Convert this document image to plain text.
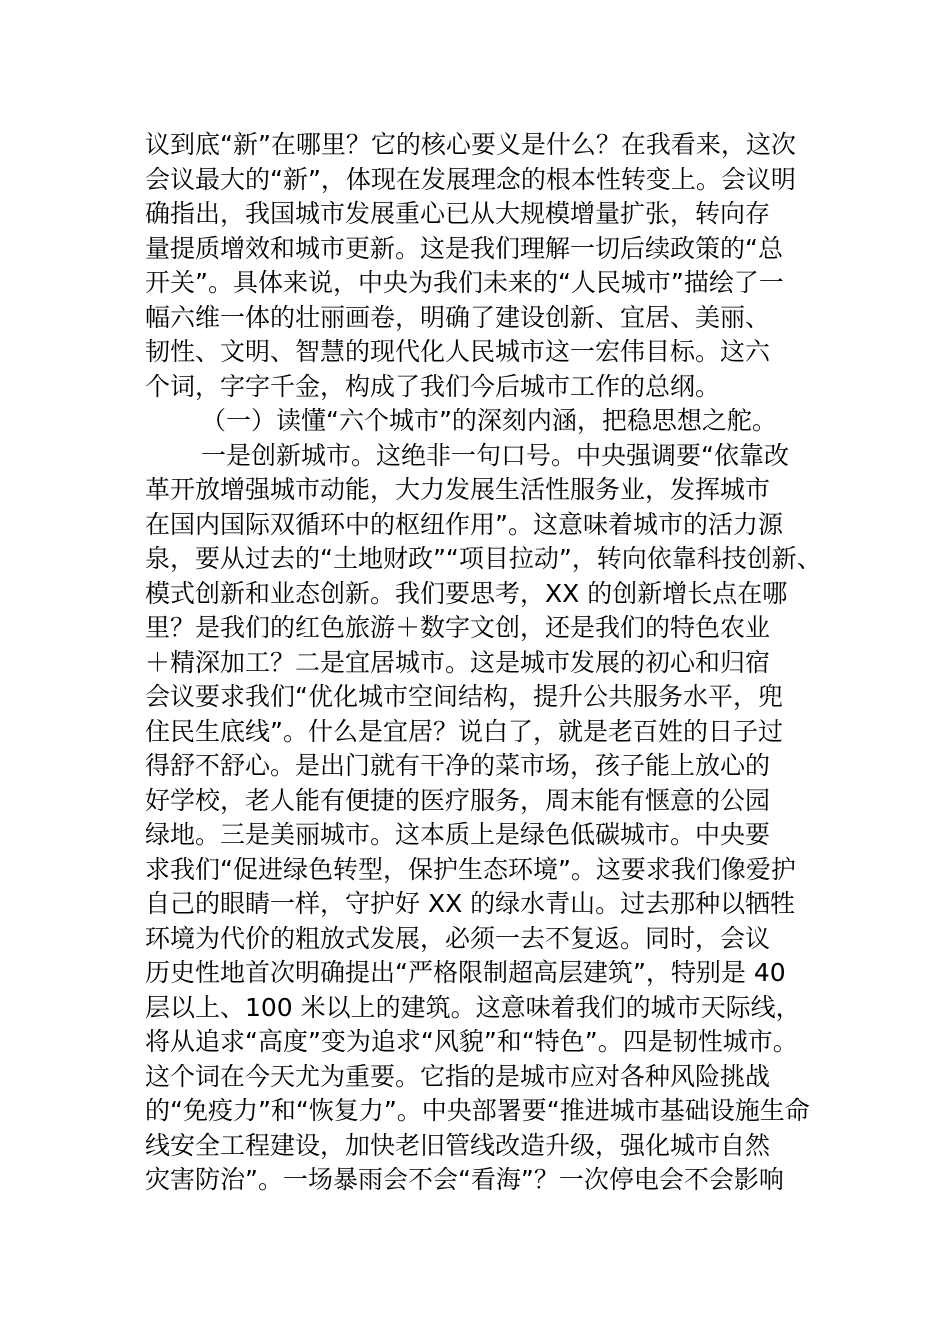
议到底“新”在哪里？它的核心要义是什么？在我看来，这次
会议最大的“新”，体现在发展理念的根本性转变上。会议明
确指出，我国城市发展重心已从大规模增量扩张，转向存
量提质增效和城市更新。这是我们理解一切后续政策的“总
开关”。具体来说，中央为我们未来的“人民城市”描绘了一
幅六维一体的壮丽画卷，明确了建设创新、宜居、美丽、
韧性、文明、智慧的现代化人民城市这一宏伟目标。这六
个词，字字千金，构成了我们今后城市工作的总纲。
（一）读懂“六个城市”的深刻内涵，把稳思想之舵。
一是创新城市。这绝非一句口号。中央强调要“依靠改
革开放增强城市动能，大力发展生活性服务业，发挥城市
在国内国际双循环中的枢纽作用”。这意味着城市的活力源
泉，要从过去的“土地财政”“项目拉动”，转向依靠科技创新、
模式创新和业态创新。我们要思考，XX 的创新增长点在哪
里？是我们的红色旅游＋数字文创，还是我们的特色农业
＋精深加工？二是宜居城市。这是城市发展的初心和归宿
会议要求我们“优化城市空间结构，提升公共服务水平，兜
住民生底线”。什么是宜居？说白了，就是老百姓的日子过
得舒不舒心。是出门就有干净的菜市场，孩子能上放心的
好学校，老人能有便捷的医疗服务，周末能有惬意的公园
绿地。三是美丽城市。这本质上是绿色低碳城市。中央要
求我们“促进绿色转型，保护生态环境”。这要求我们像爱护
自己的眼睛一样，守护好 XX 的绿水青山。过去那种以牺牲
环境为代价的粗放式发展，必须一去不复返。同时，会议
历史性地首次明确提出“严格限制超高层建筑”，特别是 40
层以上、100 米以上的建筑。这意味着我们的城市天际线，
将从追求“高度”变为追求“风貌”和“特色”。四是韧性城市。
这个词在今天尤为重要。它指的是城市应对各种风险挑战
的“免疫力”和“恢复力”。中央部署要“推进城市基础设施生命
线安全工程建设，加快老旧管线改造升级，强化城市自然
灾害防治”。一场暴雨会不会“看海”？一次停电会不会影响
